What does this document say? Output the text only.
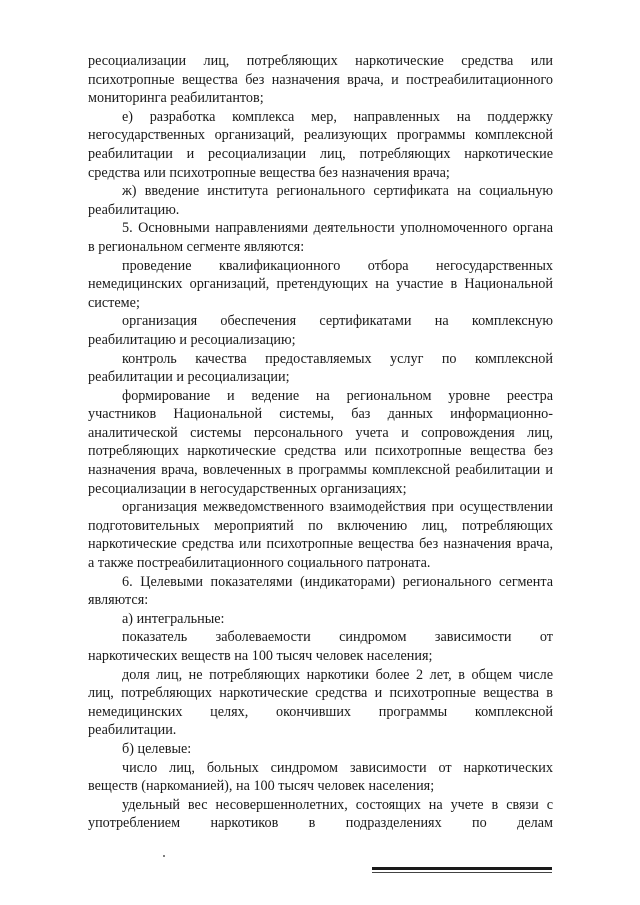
ресоциализации лиц, потребляющих наркотические средства или
психотропные вещества без назначения врача, и постреабилитационного
мониторинга реабилитантов;
е) разработка комплекса мер, направленных на поддержку
негосударственных организаций, реализующих программы комплексной
реабилитации и ресоциализации лиц, потребляющих наркотические
средства или психотропные вещества без назначения врача;
ж) введение института регионального сертификата на социальную
реабилитацию.
5. Основными направлениями деятельности уполномоченного органа
в региональном сегменте являются:
проведение квалификационного отбора негосударственных
немедицинских организаций, претендующих на участие в Национальной
системе;
организация обеспечения сертификатами на комплексную
реабилитацию и ресоциализацию;
контроль качества предоставляемых услуг по комплексной
реабилитации и ресоциализации;
формирование и ведение на региональном уровне реестра
участников Национальной системы, баз данных информационно-
аналитической системы персонального учета и сопровождения лиц,
потребляющих наркотические средства или психотропные вещества без
назначения врача, вовлеченных в программы комплексной реабилитации и
ресоциализации в негосударственных организациях;
организация межведомственного взаимодействия при осуществлении
подготовительных мероприятий по включению лиц, потребляющих
наркотические средства или психотропные вещества без назначения врача,
а также постреабилитационного социального патроната.
6. Целевыми показателями (индикаторами) регионального сегмента
являются:
а) интегральные:
показатель заболеваемости синдромом зависимости от
наркотических веществ на 100 тысяч человек населения;
доля лиц, не потребляющих наркотики более 2 лет, в общем числе
лиц, потребляющих наркотические средства и психотропные вещества в
немедицинских целях, окончивших программы комплексной
реабилитации.
б) целевые:
число лиц, больных синдромом зависимости от наркотических
веществ (наркоманией), на 100 тысяч человек населения;
удельный вес несовершеннолетних, состоящих на учете в связи с
употреблением наркотиков в подразделениях по делам
